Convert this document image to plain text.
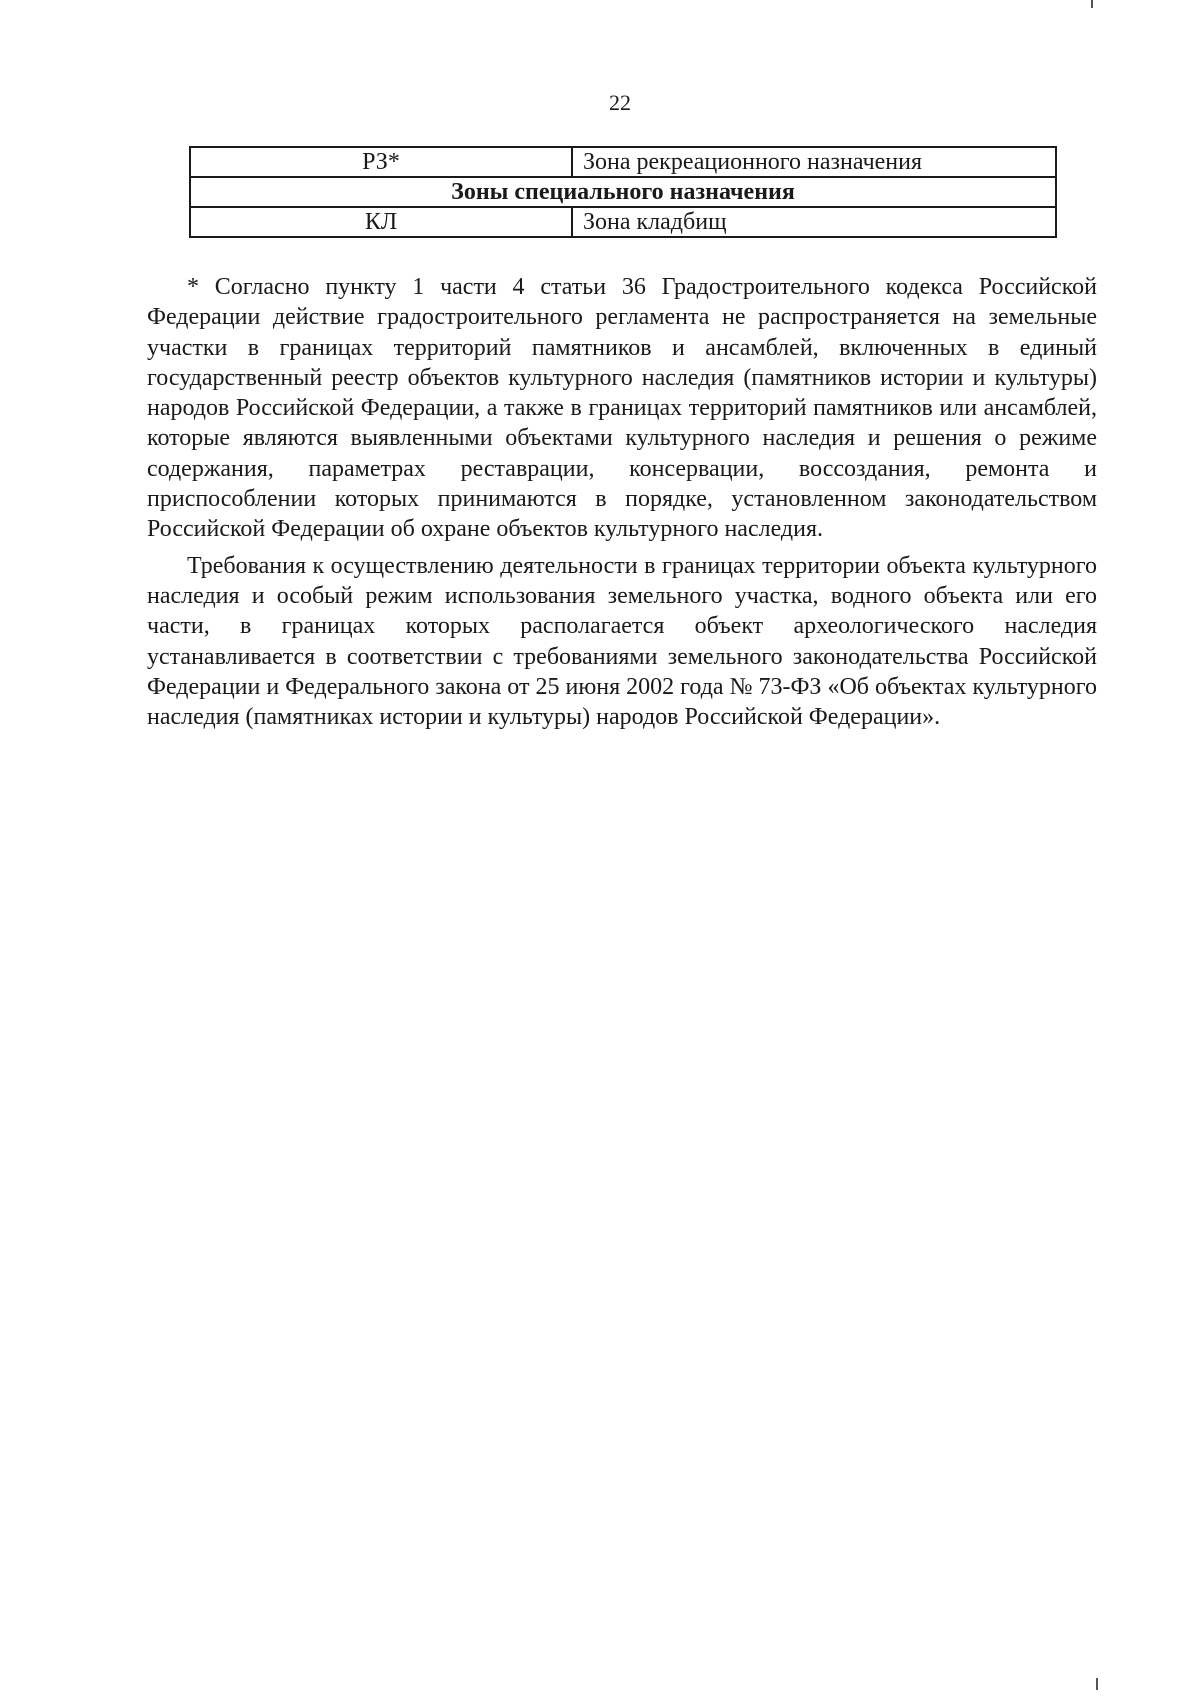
22
РЗ*	Зона рекреационного назначения
Зоны специального назначения	
КЛ	Зона кладбищ

* Согласно пункту 1 части 4 статьи 36 Градостроительного кодекса Российской Федерации действие градостроительного регламента не распространяется на земельные участки в границах территорий памятников и ансамблей, включенных в единый государственный реестр объектов культурного наследия (памятников истории и культуры) народов Российской Федерации, а также в границах территорий памятников или ансамблей, которые являются выявленными объектами культурного наследия и решения о режиме содержания, параметрах реставрации, консервации, воссоздания, ремонта и приспособлении которых принимаются в порядке, установленном законодательством Российской Федерации об охране объектов культурного наследия.

Требования к осуществлению деятельности в границах территории объекта культурного наследия и особый режим использования земельного участка, водного объекта или его части, в границах которых располагается объект археологического наследия устанавливается в соответствии с требованиями земельного законодательства Российской Федерации и Федерального закона от 25 июня 2002 года № 73-ФЗ «Об объектах культурного наследия (памятниках истории и культуры) народов Российской Федерации».
